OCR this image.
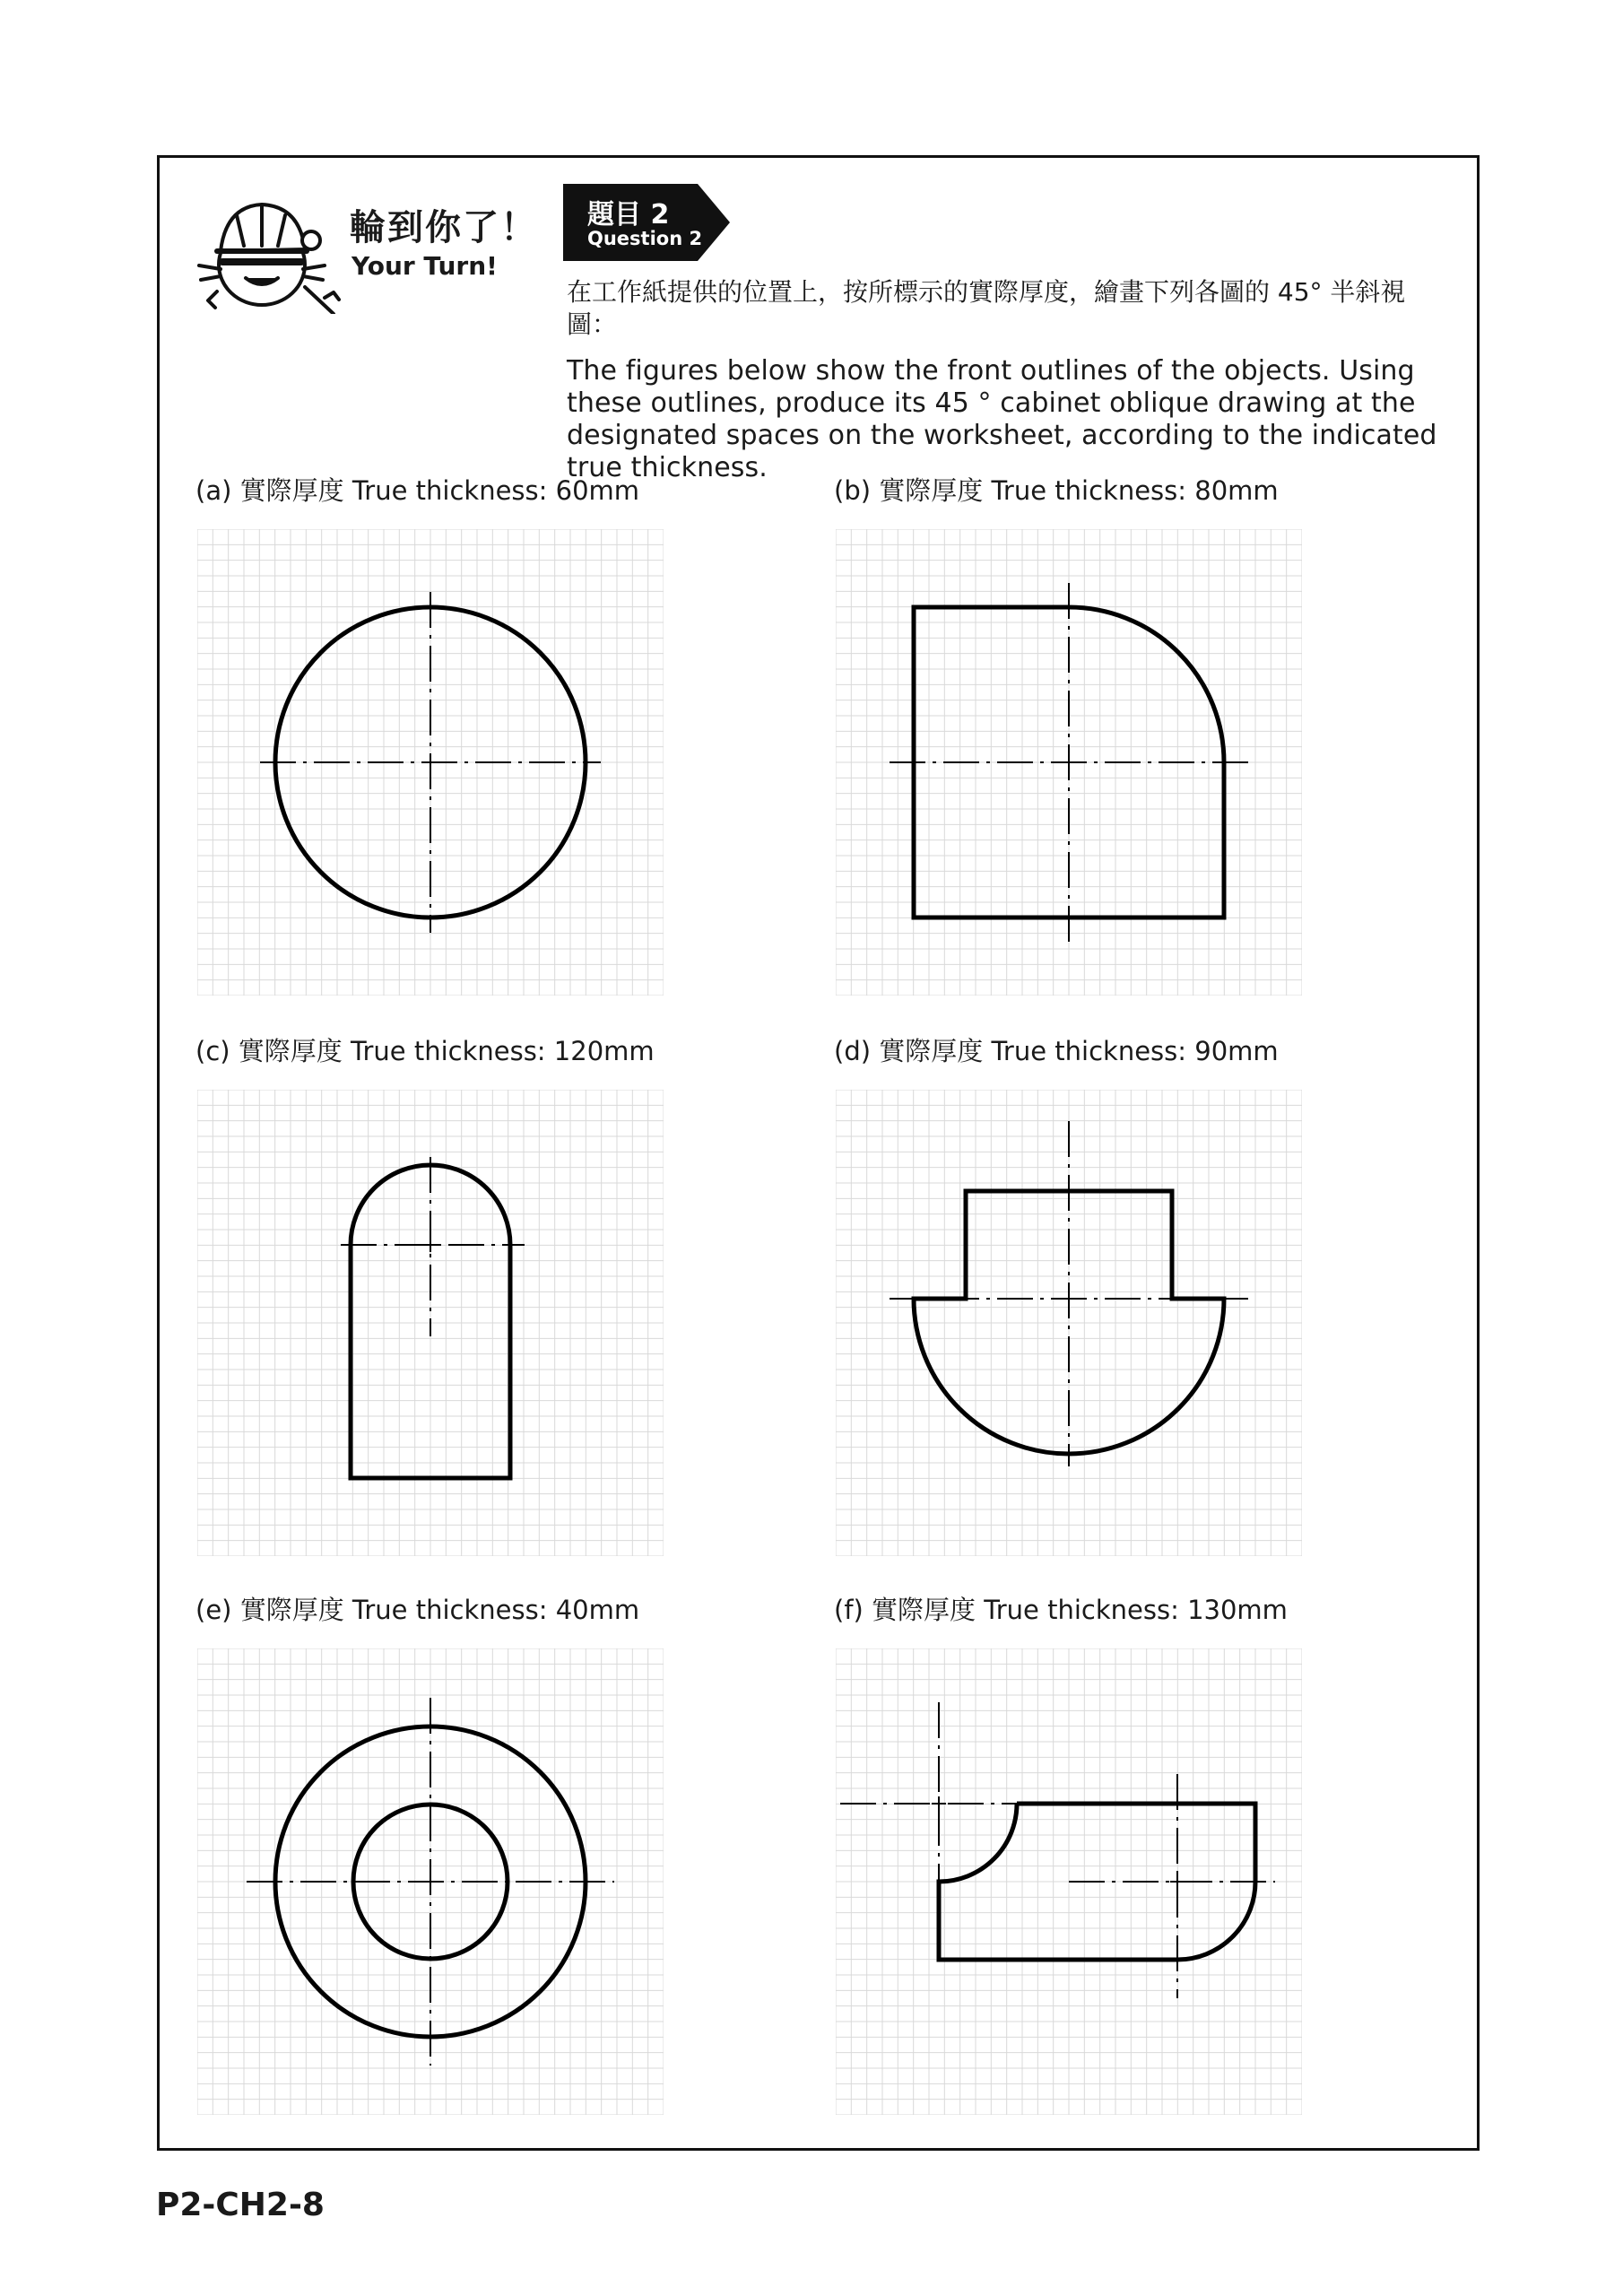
輪到你了！
Your Turn!
題目 2
Question 2
在工作紙提供的位置上，按所標示的實際厚度，繪畫下列各圖的 45° 半斜視圖：
The figures below show the front outlines of the objects. Using these outlines, produce its 45 ° cabinet oblique drawing at the designated spaces on the worksheet, according to the indicated true thickness.
(a) 實際厚度 True thickness: 60mm	(b) 實際厚度 True thickness: 80mm
(c) 實際厚度 True thickness: 120mm	(d) 實際厚度 True thickness: 90mm
(e) 實際厚度 True thickness: 40mm	(f) 實際厚度 True thickness: 130mm
P2-CH2-8
